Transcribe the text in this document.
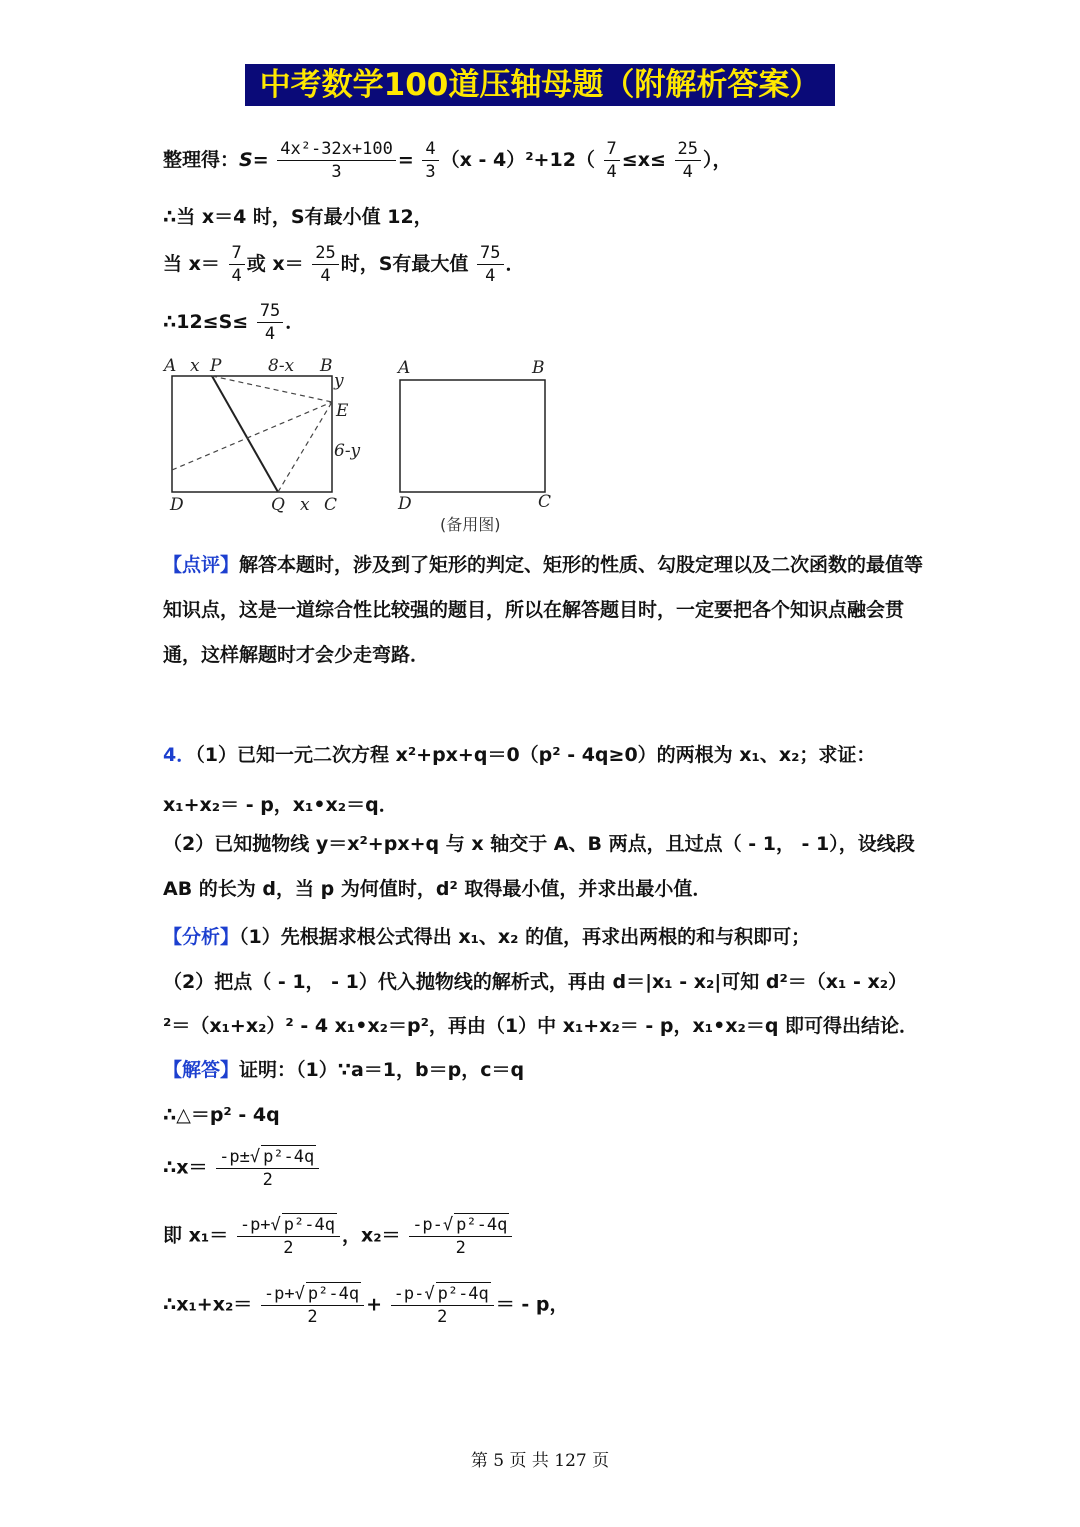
中考数学100道压轴母题（附解析答案）
整理得：$S= \frac{\text{4x²-32x+100}}{3} = \frac{4}{3} (x - 4)^2+12( \frac{7}{4} \le x\le \frac{25}{4}$ ），
∴当 x＝4 时，S有最小值 12，
当 $x= \frac{7}{4}$ 或 $x= \frac{25}{4}$ 时，S有最大值 $\frac{75}{4}$ ．
∴12≤S≤ $\frac{75}{4}$ ．
A x P	8-x B
y
E
6-y
D	Q x C
A	B
D	C
(备用图)
【点评】解答本题时，涉及到了矩形的判定、矩形的性质、勾股定理以及二次函数的最值等知识点，这是一道综合性比较强的题目，所以在解答题目时，一定要把各个知识点融会贯通，这样解题时才会少走弯路．
4．（1）已知一元二次方程 x²+px+q＝0（p² - 4q≥0）的两根为 x₁、x₂；求证：
x₁+x₂＝ - p，x₁•x₂＝q．
（2）已知抛物线 y＝x²+px+q 与 x 轴交于 A、B 两点，且过点（ - 1， - 1），设线段 AB 的长为 d，当 p 为何值时，d² 取得最小值，并求出最小值．
【分析】（1）先根据求根公式得出 x₁、x₂ 的值，再求出两根的和与积即可；
（2）把点（ - 1， - 1）代入抛物线的解析式，再由 d＝|x₁ - x₂|可知 d²＝（x₁ - x₂）
²＝（x₁+x₂）² - 4 x₁•x₂＝p²，再由（1）中 x₁+x₂＝ - p，x₁•x₂＝q 即可得出结论．
【解答】证明：（1）∵a＝1，b＝p，c＝q
∴△＝p² - 4q
∴x＝ $\frac{\text{-p±√ p²-4q}}{2}$
即 $x_1= \frac{\text{-p+√ p²-4q}}{2}$ ，$x_2= \frac{\text{-p-√ p²-4q}}{2}$
∴x₁+x₂＝ $\frac{\text{-p+√ p²-4q}}{2} + \frac{\text{-p-√ p²-4q}}{2}$ ＝ - p，
第 5 页 共 127 页
